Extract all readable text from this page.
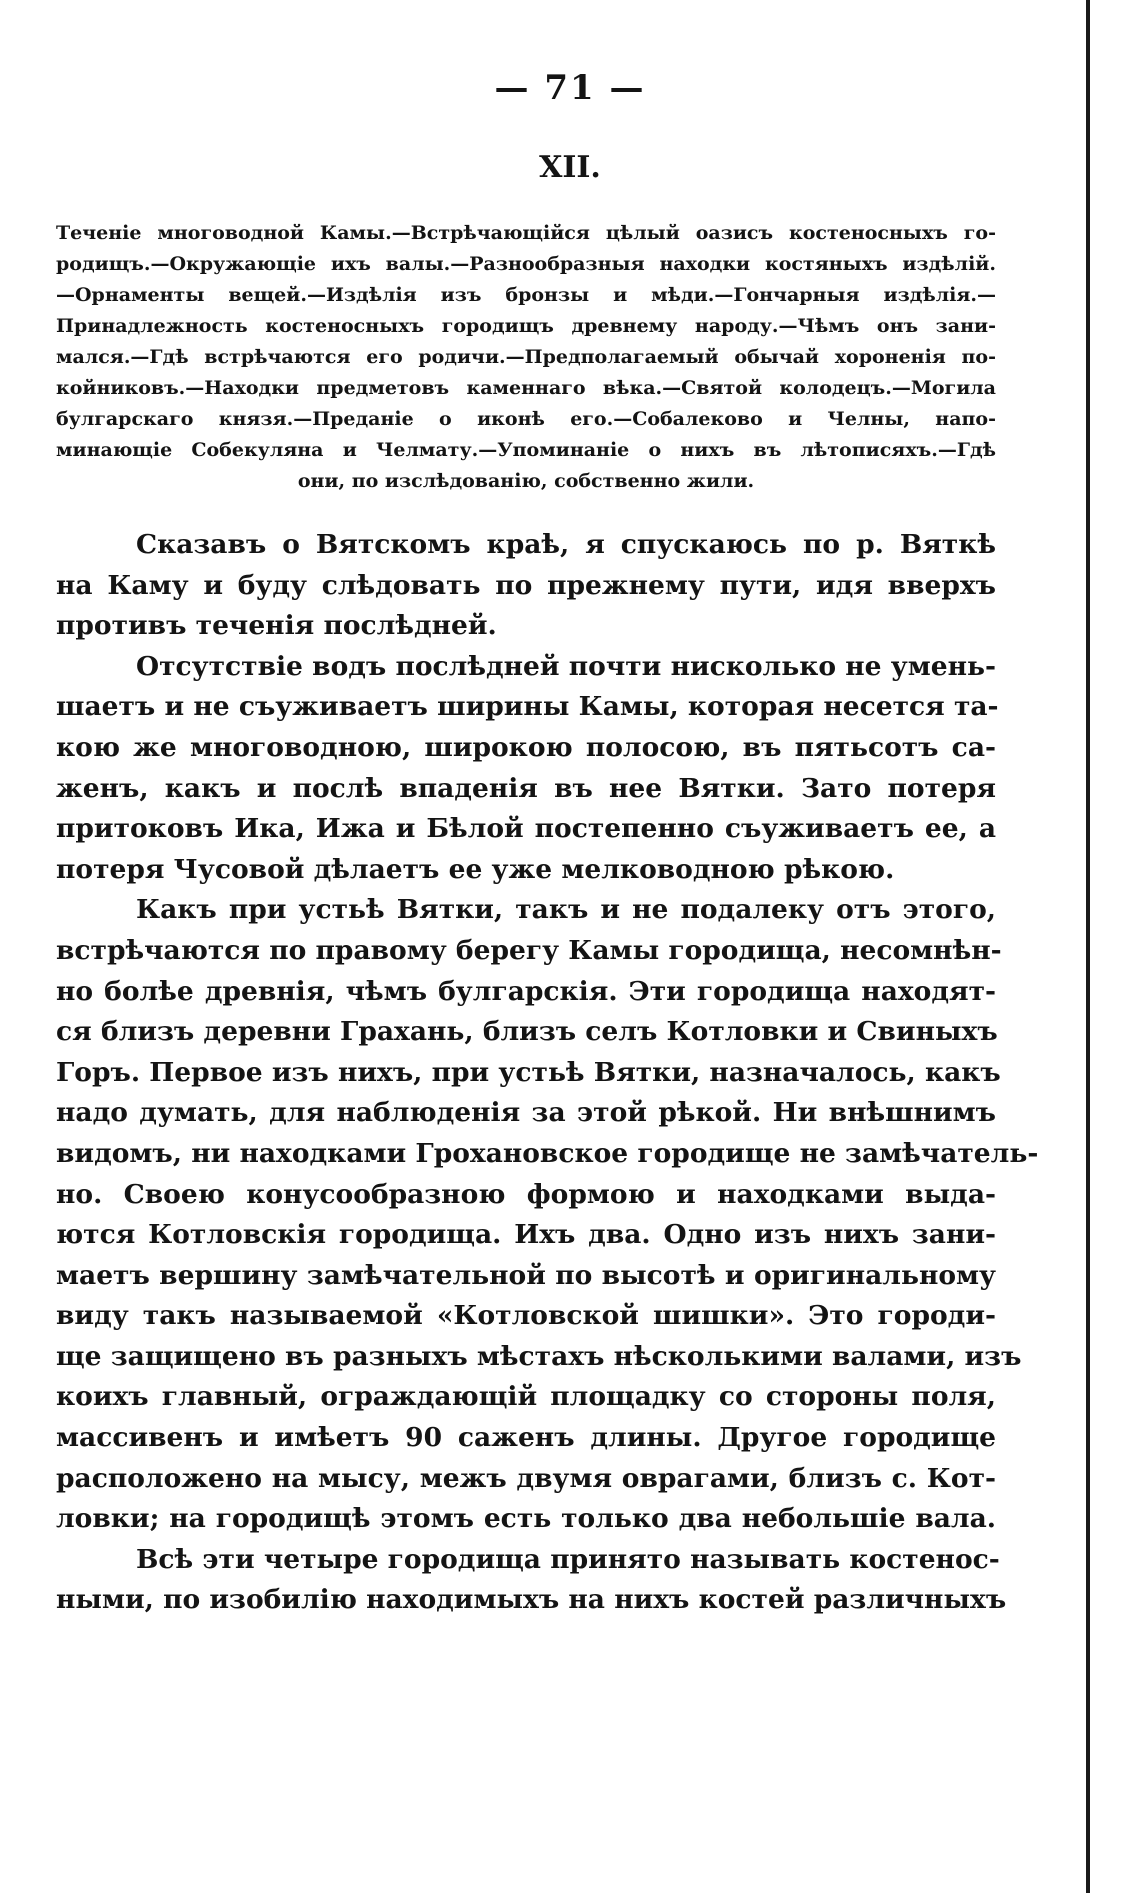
— 71 —
XII.
Теченіе многоводной Камы.—Встрѣчающійся цѣлый оазисъ костеносныхъ го-
родищъ.—Окружающіе ихъ валы.—Разнообразныя находки костяныхъ издѣлій.
—Орнаменты вещей.—Издѣлія изъ бронзы и мѣди.—Гончарныя издѣлія.—
Принадлежность костеносныхъ городищъ древнему народу.—Чѣмъ онъ зани-
мался.—Гдѣ встрѣчаются его родичи.—Предполагаемый обычай хороненія по-
койниковъ.—Находки предметовъ каменнаго вѣка.—Святой колодецъ.—Могила
булгарскаго князя.—Преданіе о иконѣ его.—Собалеково и Челны, напо-
минающіе Собекуляна и Челмату.—Упоминаніе о нихъ въ лѣтописяхъ.—Гдѣ
они, по изслѣдованію, собственно жили.
Сказавъ о Вятскомъ краѣ, я спускаюсь по р. Вяткѣ
на Каму и буду слѣдовать по прежнему пути, идя вверхъ
противъ теченія послѣдней.
Отсутствіе водъ послѣдней почти нисколько не умень-
шаетъ и не съуживаетъ ширины Камы, которая несется та-
кою же многоводною, широкою полосою, въ пятьсотъ са-
женъ, какъ и послѣ впаденія въ нее Вятки. Зато потеря
притоковъ Ика, Ижа и Бѣлой постепенно съуживаетъ ее, а
потеря Чусовой дѣлаетъ ее уже мелководною рѣкою.
Какъ при устьѣ Вятки, такъ и не подалеку отъ этого,
встрѣчаются по правому берегу Камы городища, несомнѣн-
но болѣе древнія, чѣмъ булгарскія. Эти городища находят-
ся близъ деревни Грахань, близъ селъ Котловки и Свиныхъ
Горъ. Первое изъ нихъ, при устьѣ Вятки, назначалось, какъ
надо думать, для наблюденія за этой рѣкой. Ни внѣшнимъ
видомъ, ни находками Грохановское городище не замѣчатель-
но. Своею конусообразною формою и находками выда-
ются Котловскія городища. Ихъ два. Одно изъ нихъ зани-
маетъ вершину замѣчательной по высотѣ и оригинальному
виду такъ называемой «Котловской шишки». Это городи-
ще защищено въ разныхъ мѣстахъ нѣсколькими валами, изъ
коихъ главный, ограждающій площадку со стороны поля,
массивенъ и имѣетъ 90 саженъ длины. Другое городище
расположено на мысу, межъ двумя оврагами, близъ с. Кот-
ловки; на городищѣ этомъ есть только два небольшіе вала.
Всѣ эти четыре городища принято называть костенос-
ными, по изобилію находимыхъ на нихъ костей различныхъ
